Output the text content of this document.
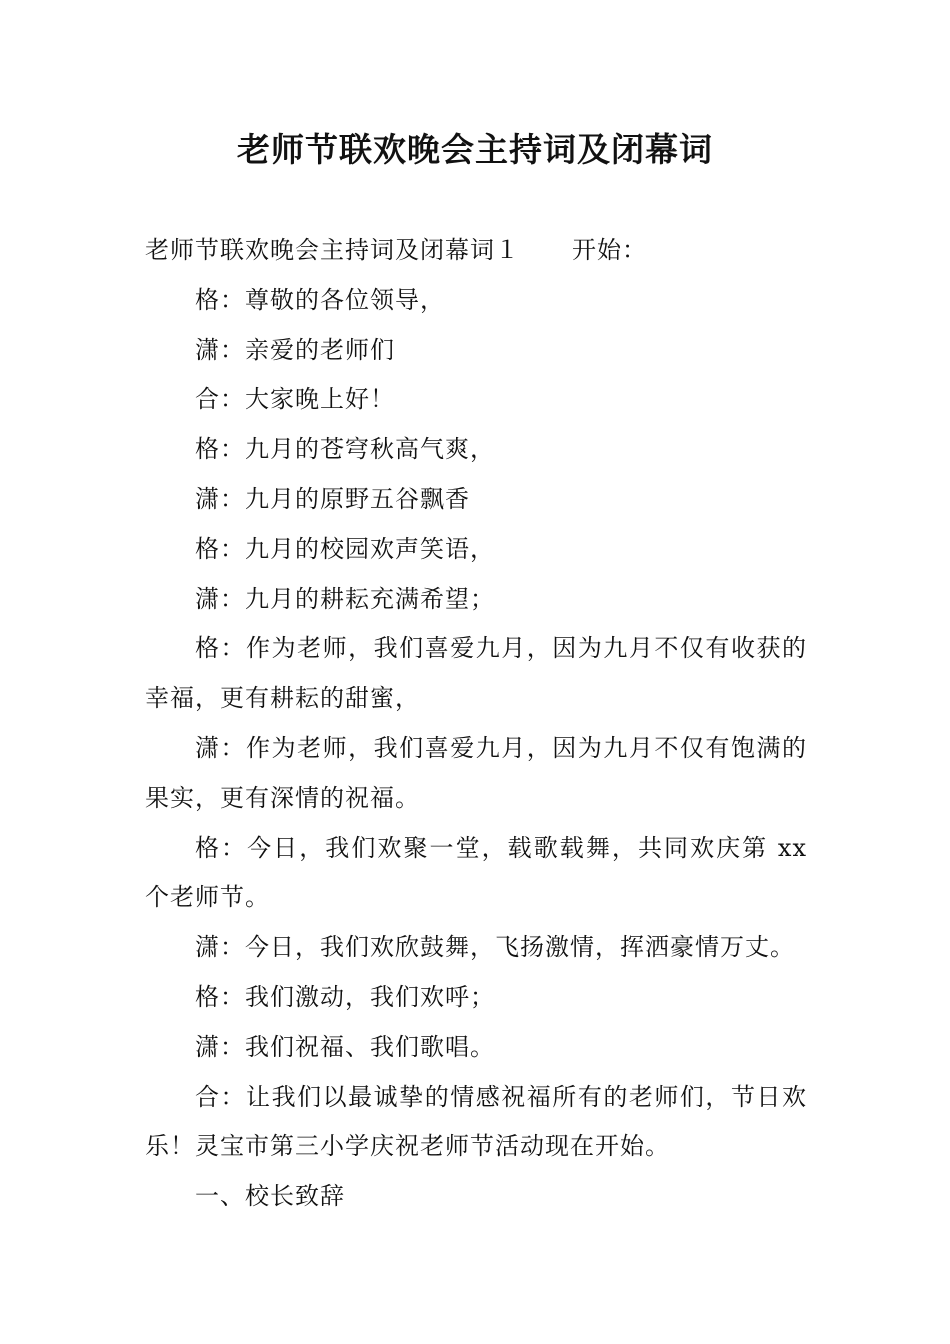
老师节联欢晚会主持词及闭幕词

老师节联欢晚会主持词及闭幕词１ 开始：

格：尊敬的各位领导，

潇：亲爱的老师们

合：大家晚上好！

格：九月的苍穹秋高气爽，

潇：九月的原野五谷飘香

格：九月的校园欢声笑语，

潇：九月的耕耘充满希望；

格：作为老师，我们喜爱九月，因为九月不仅有收获的幸福，更有耕耘的甜蜜，

潇：作为老师，我们喜爱九月，因为九月不仅有饱满的果实，更有深情的祝福。

格：今日，我们欢聚一堂，载歌载舞，共同欢庆第 xx 个老师节。

潇：今日，我们欢欣鼓舞，飞扬激情，挥洒豪情万丈。

格：我们激动，我们欢呼；

潇：我们祝福、我们歌唱。

合：让我们以最诚挚的情感祝福所有的老师们，节日欢乐！灵宝市第三小学庆祝老师节活动现在开始。

一、校长致辞
